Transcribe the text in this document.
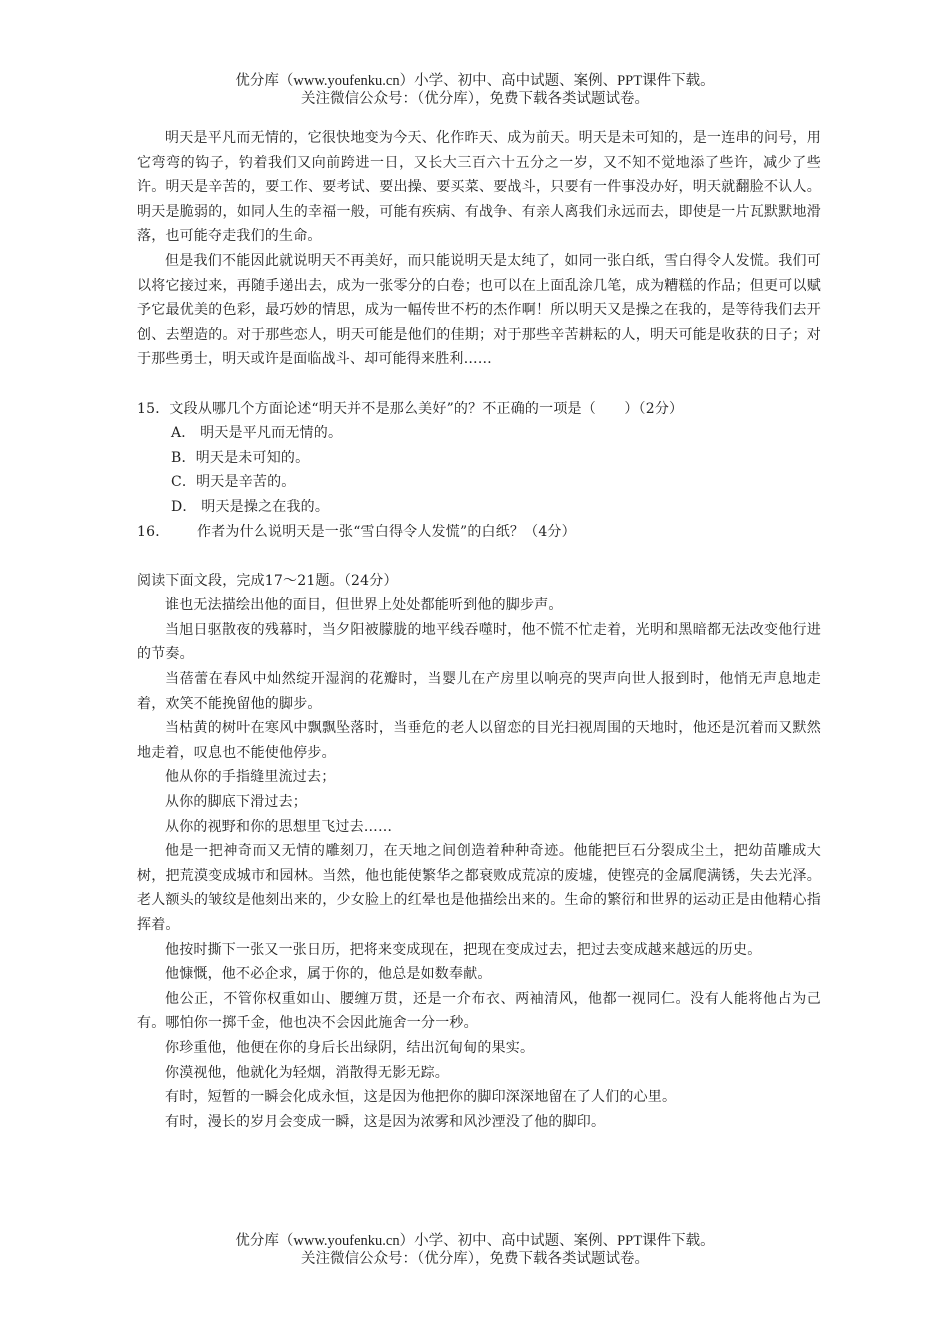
优分库（www.youfenku.cn）小学、初中、高中试题、案例、PPT课件下载。
关注微信公众号：（优分库），免费下载各类试题试卷。

明天是平凡而无情的，它很快地变为今天、化作昨天、成为前天。明天是未可知的，是一连串的问号，用它弯弯的钩子，钓着我们又向前跨进一日，又长大三百六十五分之一岁，又不知不觉地添了些许，减少了些许。明天是辛苦的，要工作、要考试、要出操、要买菜、要战斗，只要有一件事没办好，明天就翻脸不认人。明天是脆弱的，如同人生的幸福一般，可能有疾病、有战争、有亲人离我们永远而去，即使是一片瓦默默地滑落，也可能夺走我们的生命。

但是我们不能因此就说明天不再美好，而只能说明天是太纯了，如同一张白纸，雪白得令人发慌。我们可以将它接过来，再随手递出去，成为一张零分的白卷；也可以在上面乱涂几笔，成为糟糕的作品；但更可以赋予它最优美的色彩，最巧妙的情思，成为一幅传世不朽的杰作啊！所以明天又是操之在我的，是等待我们去开创、去塑造的。对于那些恋人，明天可能是他们的佳期；对于那些辛苦耕耘的人，明天可能是收获的日子；对于那些勇士，明天或许是面临战斗、却可能得来胜利……

15．文段从哪几个方面论述“明天并不是那么美好”的？不正确的一项是（　　）（2分）

A． 明天是平凡而无情的。

B．明天是未可知的。

C．明天是辛苦的。

D． 明天是操之在我的。

16． 作者为什么说明天是一张“雪白得令人发慌”的白纸？（4分）

阅读下面文段，完成17～21题。（24分）

谁也无法描绘出他的面目，但世界上处处都能听到他的脚步声。

当旭日驱散夜的残幕时，当夕阳被朦胧的地平线吞噬时，他不慌不忙走着，光明和黑暗都无法改变他行进的节奏。

当蓓蕾在春风中灿然绽开湿润的花瓣时，当婴儿在产房里以响亮的哭声向世人报到时，他悄无声息地走着，欢笑不能挽留他的脚步。

当枯黄的树叶在寒风中飘飘坠落时，当垂危的老人以留恋的目光扫视周围的天地时，他还是沉着而又默然地走着，叹息也不能使他停步。

他从你的手指缝里流过去；

从你的脚底下滑过去；

从你的视野和你的思想里飞过去……

他是一把神奇而又无情的雕刻刀，在天地之间创造着种种奇迹。他能把巨石分裂成尘土，把幼苗雕成大树，把荒漠变成城市和园林。当然，他也能使繁华之都衰败成荒凉的废墟，使铿亮的金属爬满锈，失去光泽。老人额头的皱纹是他刻出来的，少女脸上的红晕也是他描绘出来的。生命的繁衍和世界的运动正是由他精心指挥着。

他按时撕下一张又一张日历，把将来变成现在，把现在变成过去，把过去变成越来越远的历史。

他慷慨，他不必企求，属于你的，他总是如数奉献。

他公正，不管你权重如山、腰缠万贯，还是一介布衣、两袖清风，他都一视同仁。没有人能将他占为己有。哪怕你一掷千金，他也决不会因此施舍一分一秒。

你珍重他，他便在你的身后长出绿阴，结出沉甸甸的果实。

你漠视他，他就化为轻烟，消散得无影无踪。

有时，短暂的一瞬会化成永恒，这是因为他把你的脚印深深地留在了人们的心里。

有时，漫长的岁月会变成一瞬，这是因为浓雾和风沙湮没了他的脚印。

优分库（www.youfenku.cn）小学、初中、高中试题、案例、PPT课件下载。
关注微信公众号：（优分库），免费下载各类试题试卷。
